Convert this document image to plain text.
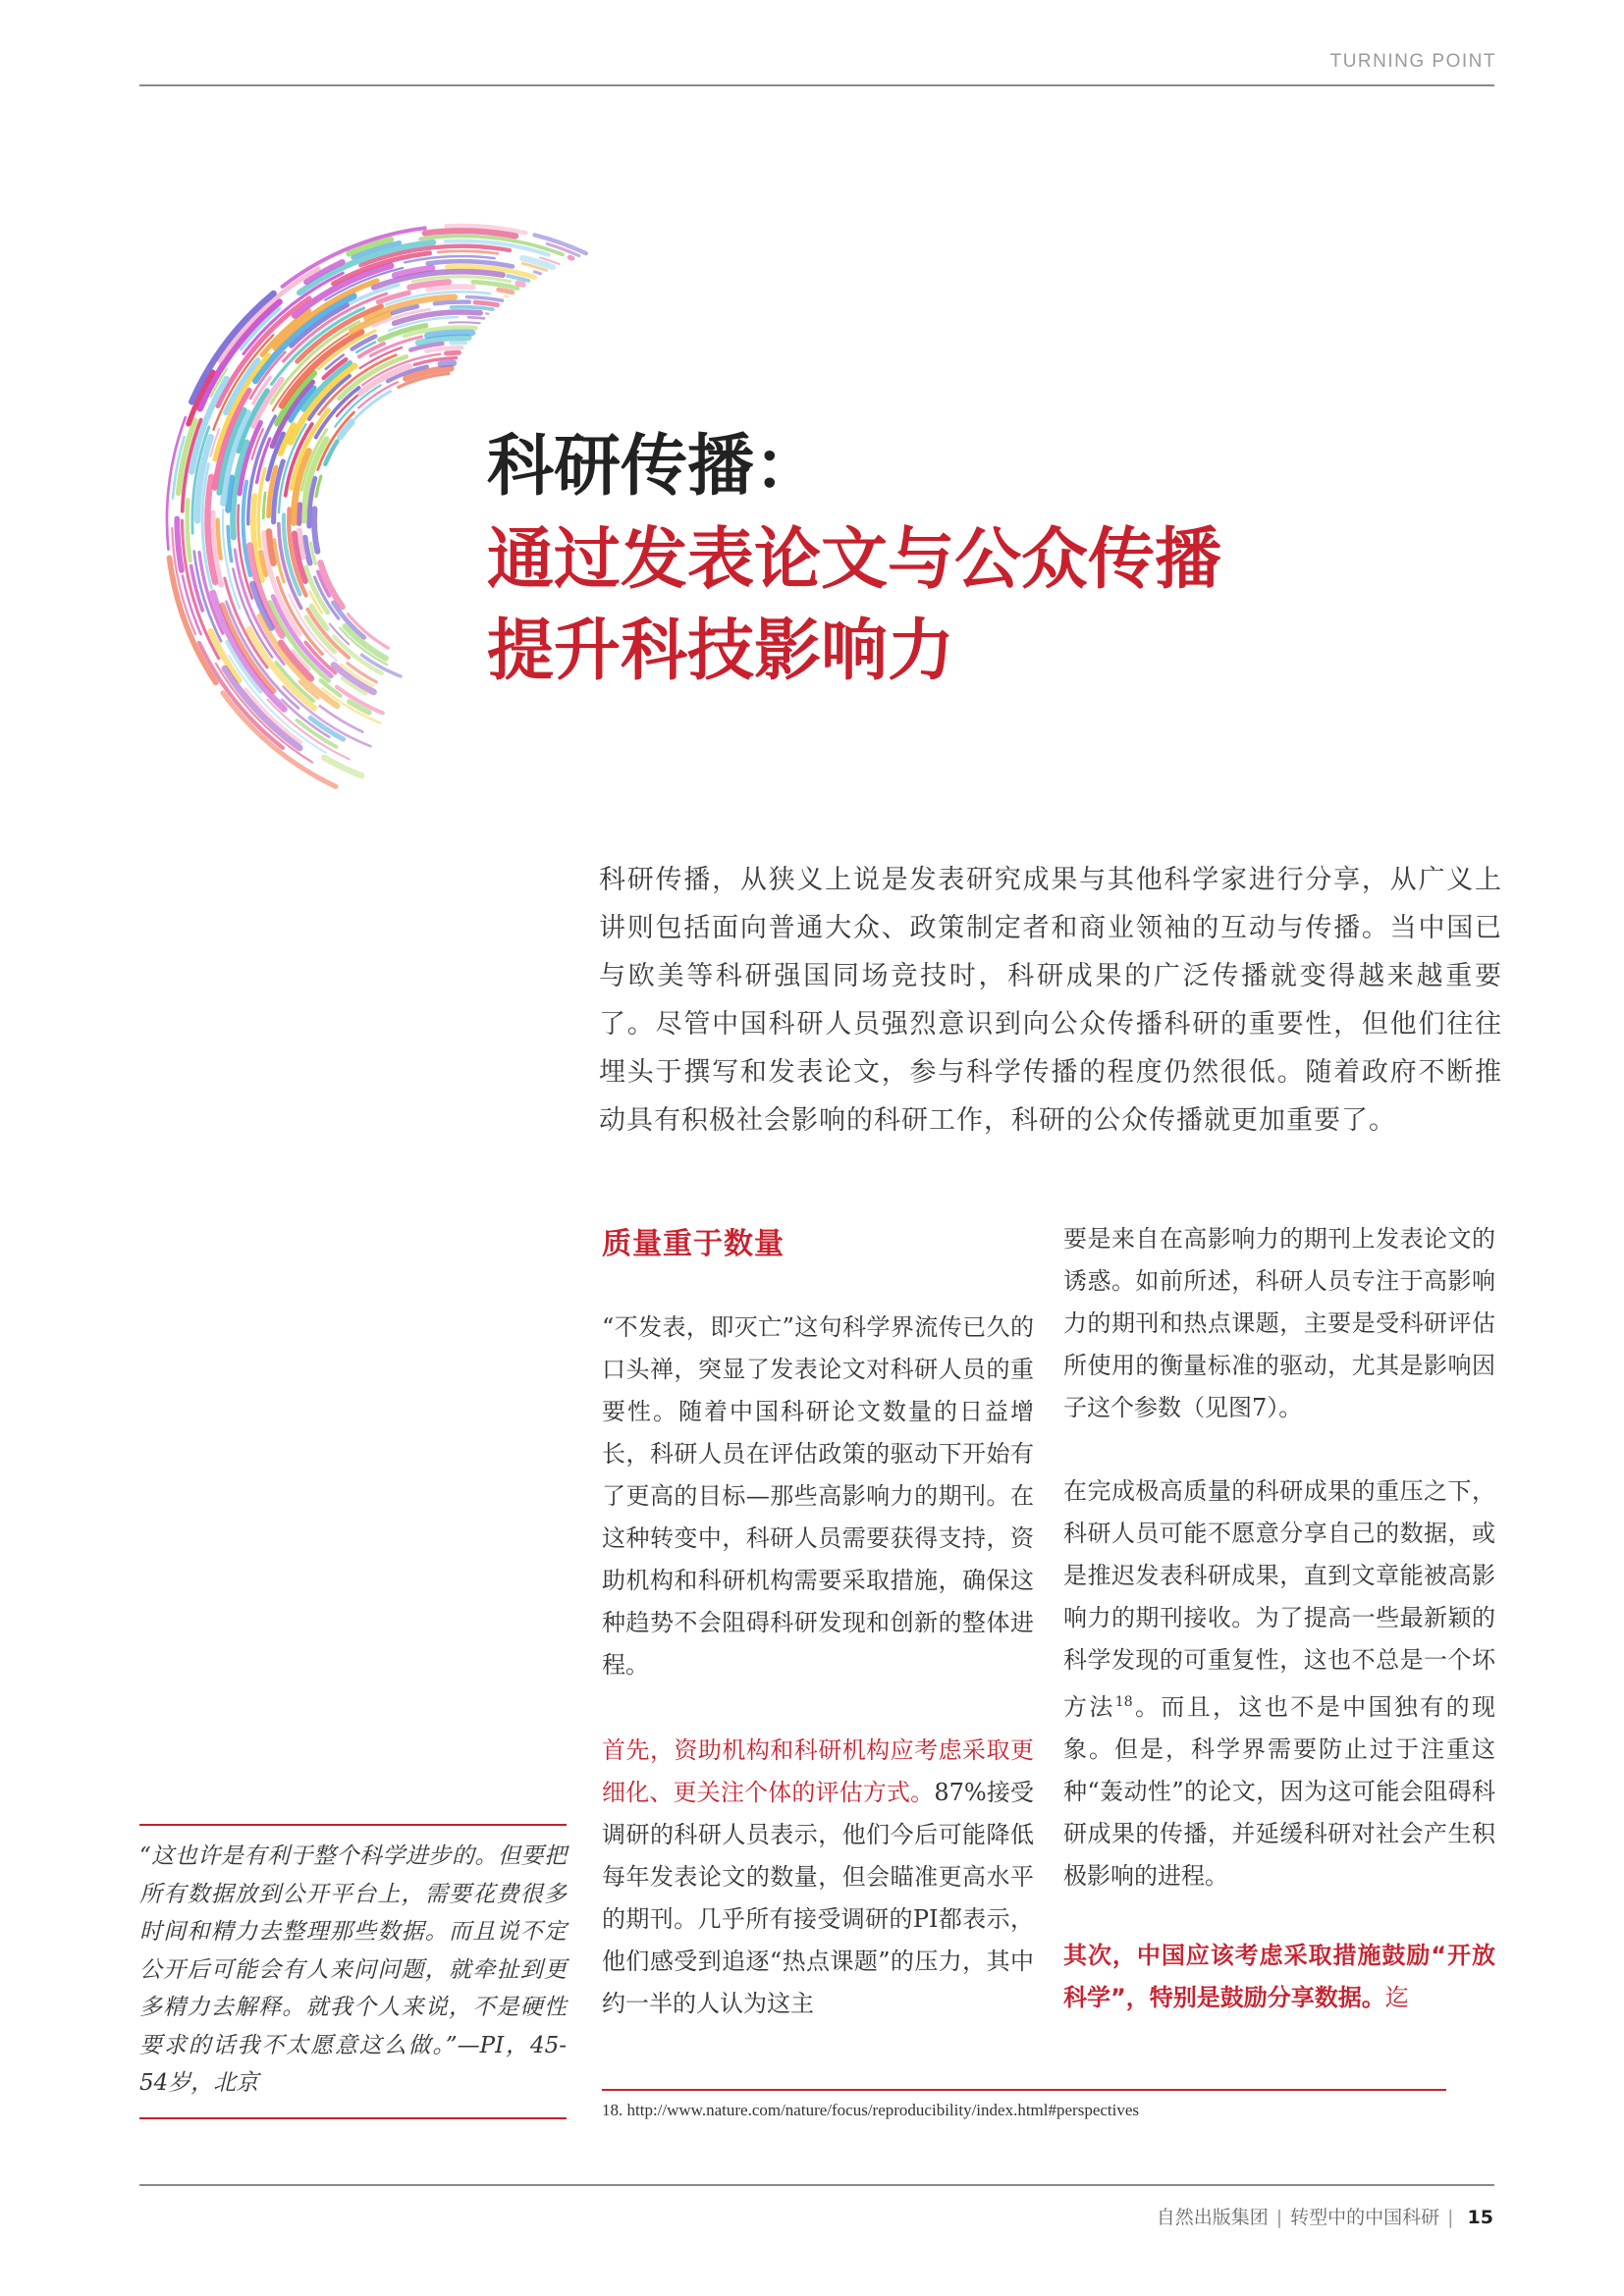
TURNING POINT
科研传播：
通过发表论文与公众传播
提升科技影响力

科研传播，从狭义上说是发表研究成果与其他科学家进行分享，从广义上讲则包括面向普通大众、政策制定者和商业领袖的互动与传播。当中国已与欧美等科研强国同场竞技时，科研成果的广泛传播就变得越来越重要了。尽管中国科研人员强烈意识到向公众传播科研的重要性，但他们往往埋头于撰写和发表论文，参与科学传播的程度仍然很低。随着政府不断推动具有积极社会影响的科研工作，科研的公众传播就更加重要了。

质量重于数量

“不发表，即灭亡”这句科学界流传已久的口头禅，突显了发表论文对科研人员的重要性。随着中国科研论文数量的日益增长，科研人员在评估政策的驱动下开始有了更高的目标—那些高影响力的期刊。在这种转变中，科研人员需要获得支持，资助机构和科研机构需要采取措施，确保这种趋势不会阻碍科研发现和创新的整体进程。

首先，资助机构和科研机构应考虑采取更细化、更关注个体的评估方式。87%接受调研的科研人员表示，他们今后可能降低每年发表论文的数量，但会瞄准更高水平的期刊。几乎所有接受调研的PI都表示，他们感受到追逐“热点课题”的压力，其中约一半的人认为这主

要是来自在高影响力的期刊上发表论文的诱惑。如前所述，科研人员专注于高影响力的期刊和热点课题，主要是受科研评估所使用的衡量标准的驱动，尤其是影响因子这个参数（见图7）。

在完成极高质量的科研成果的重压之下，科研人员可能不愿意分享自己的数据，或是推迟发表科研成果，直到文章能被高影响力的期刊接收。为了提高一些最新颖的科学发现的可重复性，这也不总是一个坏方法$^{18}$。而且，这也不是中国独有的现象。但是，科学界需要防止过于注重这种“轰动性”的论文，因为这可能会阻碍科研成果的传播，并延缓科研对社会产生积极影响的进程。

其次，中国应该考虑采取措施鼓励“开放科学”，特别是鼓励分享数据。迄

“这也许是有利于整个科学进步的。但要把所有数据放到公开平台上，需要花费很多时间和精力去整理那些数据。而且说不定公开后可能会有人来问问题，就牵扯到更多精力去解释。就我个人来说，不是硬性要求的话我不太愿意这么做。”—PI，45-54岁，北京

18. http://www.nature.com/nature/focus/reproducibility/index.html#perspectives
自然出版集团 | 转型中的中国科研 | 15
